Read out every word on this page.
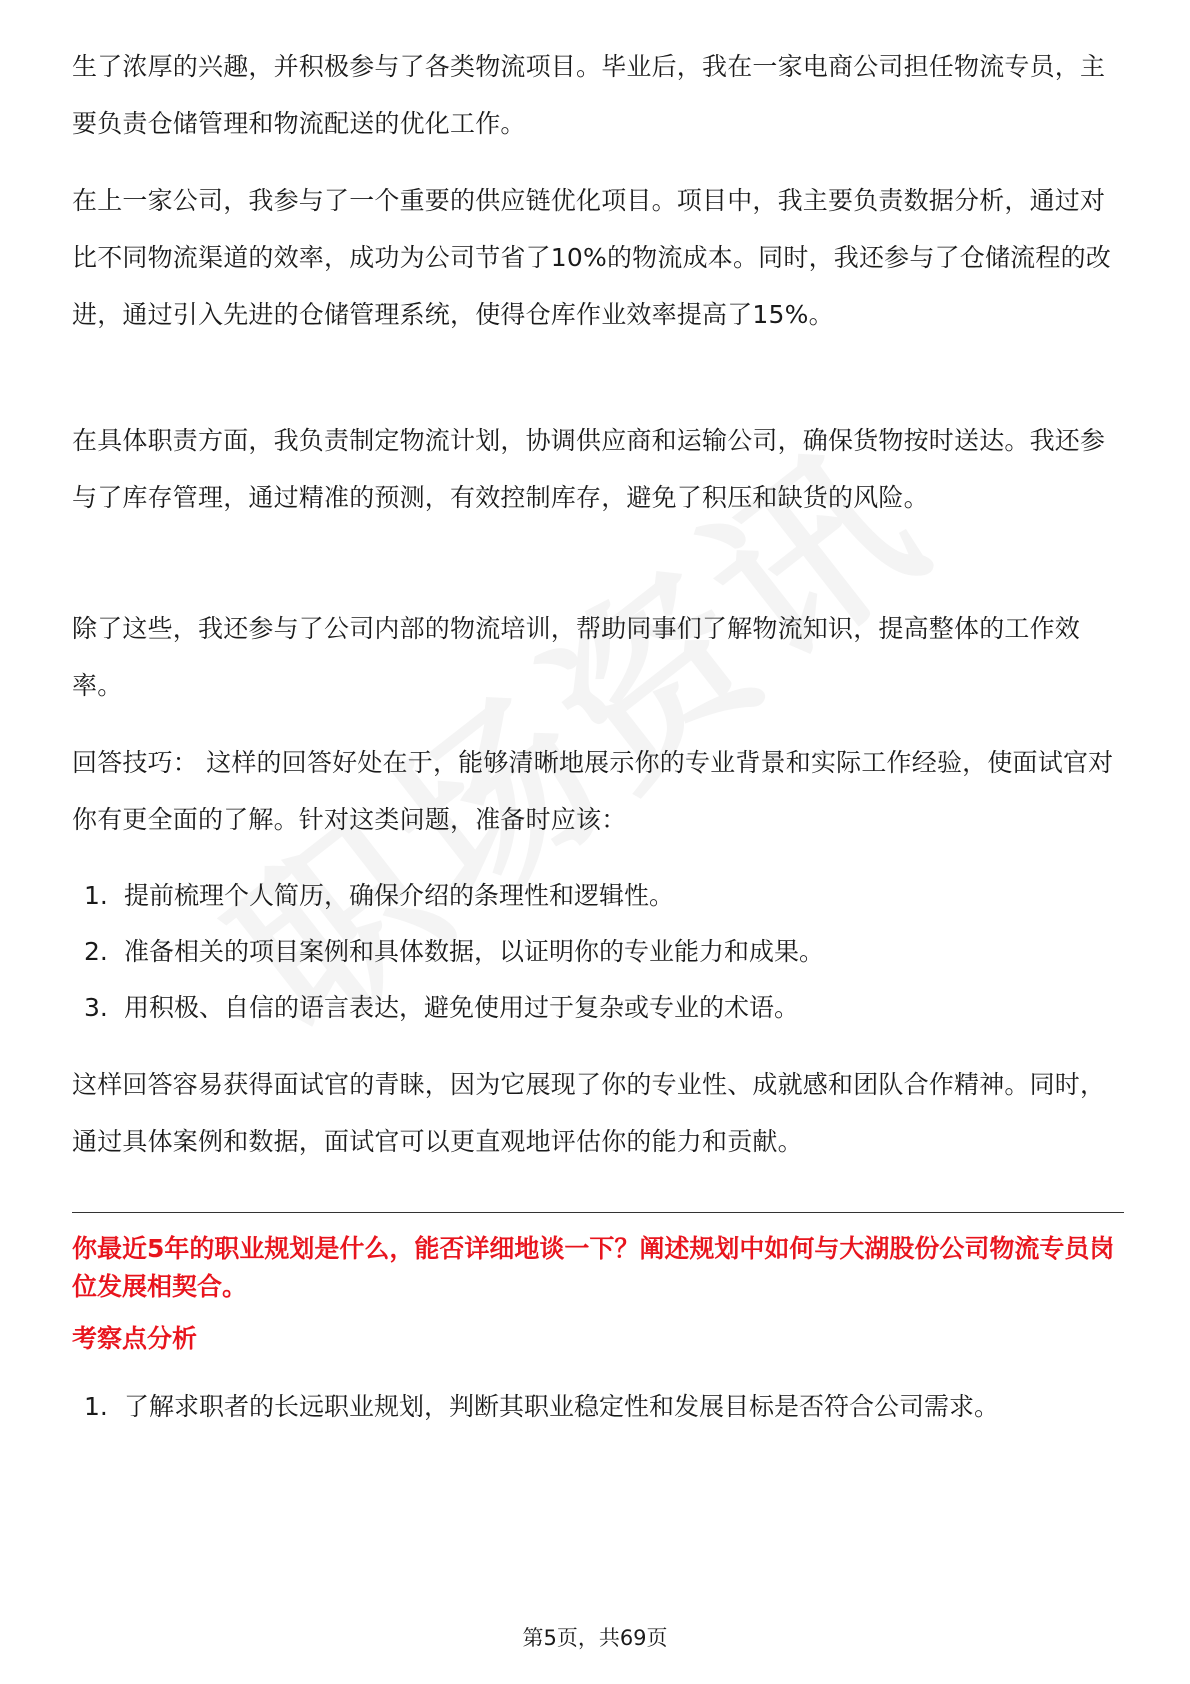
生了浓厚的兴趣，并积极参与了各类物流项目。毕业后，我在一家电商公司担任物流专员，主要负责仓储管理和物流配送的优化工作。

在上一家公司，我参与了一个重要的供应链优化项目。项目中，我主要负责数据分析，通过对比不同物流渠道的效率，成功为公司节省了10%的物流成本。同时，我还参与了仓储流程的改进，通过引入先进的仓储管理系统，使得仓库作业效率提高了15%。

在具体职责方面，我负责制定物流计划，协调供应商和运输公司，确保货物按时送达。我还参与了库存管理，通过精准的预测，有效控制库存，避免了积压和缺货的风险。

除了这些，我还参与了公司内部的物流培训，帮助同事们了解物流知识，提高整体的工作效率。

回答技巧： 这样的回答好处在于，能够清晰地展示你的专业背景和实际工作经验，使面试官对你有更全面的了解。针对这类问题，准备时应该：

1. 提前梳理个人简历，确保介绍的条理性和逻辑性。
2. 准备相关的项目案例和具体数据，以证明你的专业能力和成果。
3. 用积极、自信的语言表达，避免使用过于复杂或专业的术语。

这样回答容易获得面试官的青睐，因为它展现了你的专业性、成就感和团队合作精神。同时，通过具体案例和数据，面试官可以更直观地评估你的能力和贡献。

你最近5年的职业规划是什么，能否详细地谈一下？阐述规划中如何与大湖股份公司物流专员岗位发展相契合。

考察点分析

1. 了解求职者的长远职业规划，判断其职业稳定性和发展目标是否符合公司需求。
第5页，共69页
